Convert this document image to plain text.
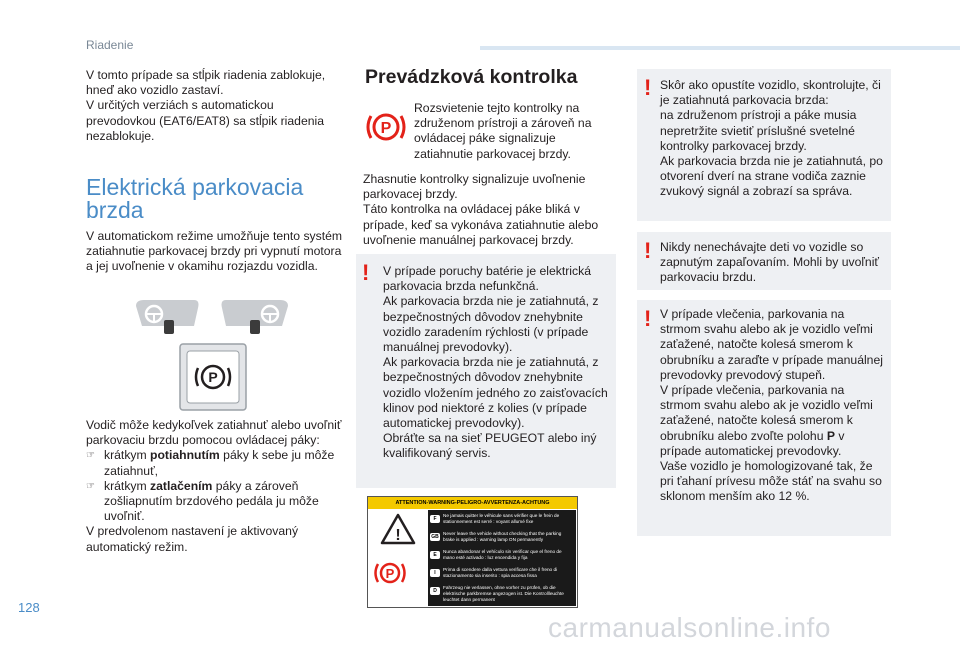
Riadenie

V tomto prípade sa stĺpik riadenia zablokuje, hneď ako vozidlo zastaví.

V určitých verziách s automatickou prevodovkou (EAT6/EAT8) sa stĺpik riadenia nezablokuje.

Elektrická parkovacia brzda

V automatickom režime umožňuje tento systém zatiahnutie parkovacej brzdy pri vypnutí motora a jej uvoľnenie v okamihu rozjazdu vozidla.

P

Vodič môže kedykoľvek zatiahnuť alebo uvoľniť parkovaciu brzdu pomocou ovládacej páky:

☞ krátkym potiahnutím páky k sebe ju môže zatiahnuť,
☞ krátkym zatlačením páky a zároveň zošliapnutím brzdového pedála ju môže uvoľniť.

V predvolenom nastavení je aktivovaný automatický režim.

Prevádzková kontrolka
P

Rozsvietenie tejto kontrolky na združenom prístroji a zároveň na ovládacej páke signalizuje zatiahnutie parkovacej brzdy.

Zhasnutie kontrolky signalizuje uvoľnenie parkovacej brzdy.
Táto kontrolka na ovládacej páke bliká v prípade, keď sa vykonáva zatiahnutie alebo uvoľnenie manuálnej parkovacej brzdy.

! V prípade poruchy batérie je elektrická parkovacia brzda nefunkčná.
Ak parkovacia brzda nie je zatiahnutá, z bezpečnostných dôvodov znehybnite vozidlo zaradením rýchlosti (v prípade manuálnej prevodovky).
Ak parkovacia brzda nie je zatiahnutá, z bezpečnostných dôvodov znehybnite vozidlo vložením jedného zo zaisťovacích klinov pod niektoré z kolies (v prípade automatickej prevodovky).
Obráťte sa na sieť PEUGEOT alebo iný kvalifikovaný servis.

ATTENTION-WARNING-PELIGRO-AVVERTENZA-ACHTUNG
!
P
F
Ne jamais quitter le véhicule sans vérifier que le frein de stationnement est serré : voyant allumé fixe
GB
Never leave the vehicle without checking that the parking brake is applied : warning lamp ON permanently
E
Nunca abandonar el vehículo sin verificar que el freno de mano esté activado : luz encendida y fija
I
Prima di scendere dalla vettura verificare che il freno di stazionamento sia inserito : spia accesa fissa
D
Fahrzeug nie verlassen, ohne vorher zu prüfen, ob die elektrische parkbremse angezogen ist. Die Kontrollleuchte leuchtet dann permanent
! Skôr ako opustíte vozidlo, skontrolujte, či je zatiahnutá parkovacia brzda:
na združenom prístroji a páke musia nepretržite svietiť príslušné svetelné kontrolky parkovacej brzdy.
Ak parkovacia brzda nie je zatiahnutá, po otvorení dverí na strane vodiča zaznie zvukový signál a zobrazí sa správa.

! Nikdy nenechávajte deti vo vozidle so zapnutým zapaľovaním. Mohli by uvoľniť parkovaciu brzdu.

! V prípade vlečenia, parkovania na strmom svahu alebo ak je vozidlo veľmi zaťažené, natočte kolesá smerom k obrubníku a zaraďte v prípade manuálnej prevodovky prevodový stupeň.
V prípade vlečenia, parkovania na strmom svahu alebo ak je vozidlo veľmi zaťažené, natočte kolesá smerom k obrubníku alebo zvoľte polohu P v prípade automatickej prevodovky.
Vaše vozidlo je homologizované tak, že pri ťahaní prívesu môže stáť na svahu so sklonom menším ako 12 %.

128
carmanualsonline.info
